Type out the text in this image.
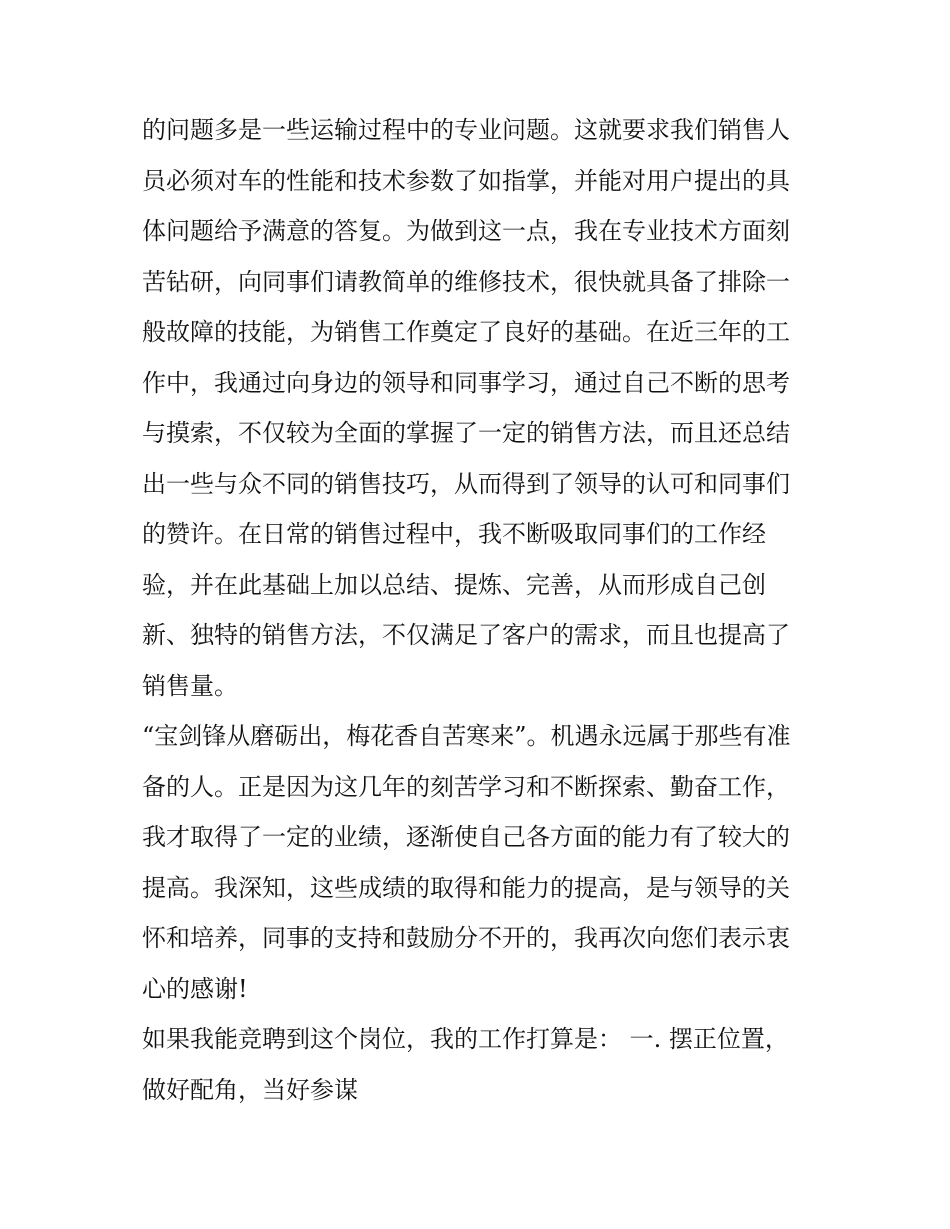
的问题多是一些运输过程中的专业问题。这就要求我们销售人
员必须对车的性能和技术参数了如指掌，并能对用户提出的具
体问题给予满意的答复。为做到这一点，我在专业技术方面刻
苦钻研，向同事们请教简单的维修技术，很快就具备了排除一
般故障的技能，为销售工作奠定了良好的基础。在近三年的工
作中，我通过向身边的领导和同事学习，通过自己不断的思考
与摸索，不仅较为全面的掌握了一定的销售方法，而且还总结
出一些与众不同的销售技巧，从而得到了领导的认可和同事们
的赞许。在日常的销售过程中，我不断吸取同事们的工作经
验，并在此基础上加以总结、提炼、完善，从而形成自己创
新、独特的销售方法，不仅满足了客户的需求，而且也提高了
销售量。
“宝剑锋从磨砺出，梅花香自苦寒来”。机遇永远属于那些有准
备的人。正是因为这几年的刻苦学习和不断探索、勤奋工作，
我才取得了一定的业绩，逐渐使自己各方面的能力有了较大的
提高。我深知，这些成绩的取得和能力的提高，是与领导的关
怀和培养，同事的支持和鼓励分不开的，我再次向您们表示衷
心的感谢!
如果我能竞聘到这个岗位，我的工作打算是： 一. 摆正位置，
做好配角，当好参谋
